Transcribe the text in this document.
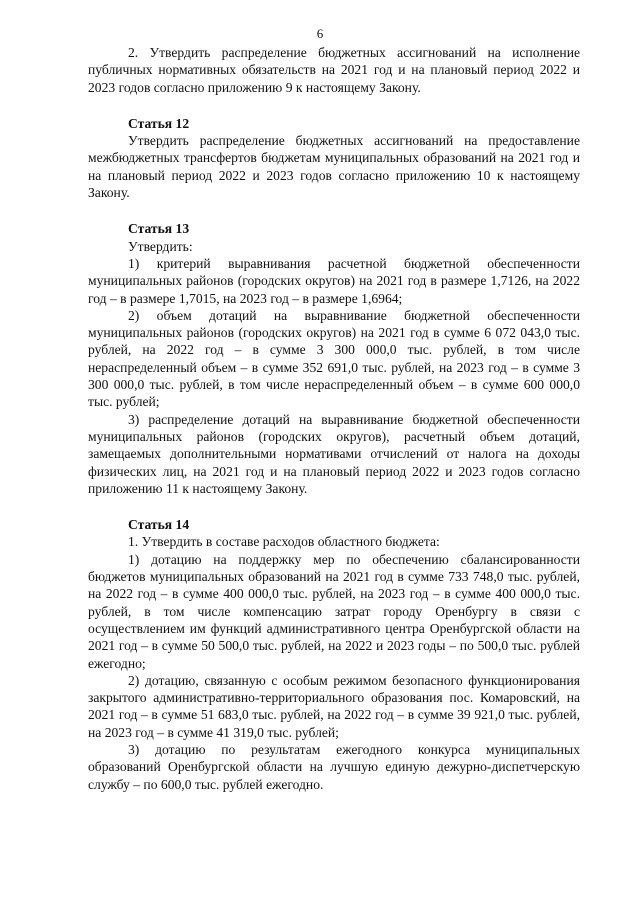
6

2. Утвердить распределение бюджетных ассигнований на исполнение публичных нормативных обязательств на 2021 год и на плановый период 2022 и 2023 годов согласно приложению 9 к настоящему Закону.

Статья 12

Утвердить распределение бюджетных ассигнований на предоставление межбюджетных трансфертов бюджетам муниципальных образований на 2021 год и на плановый период 2022 и 2023 годов согласно приложению 10 к настоящему Закону.

Статья 13

Утвердить:

1) критерий выравнивания расчетной бюджетной обеспеченности муниципальных районов (городских округов) на 2021 год в размере 1,7126, на 2022 год – в размере 1,7015, на 2023 год – в размере 1,6964;

2) объем дотаций на выравнивание бюджетной обеспеченности муниципальных районов (городских округов) на 2021 год в сумме 6 072 043,0 тыс. рублей, на 2022 год – в сумме 3 300 000,0 тыс. рублей, в том числе нераспределенный объем – в сумме 352 691,0 тыс. рублей, на 2023 год – в сумме 3 300 000,0 тыс. рублей, в том числе нераспределенный объем – в сумме 600 000,0 тыс. рублей;

3) распределение дотаций на выравнивание бюджетной обеспеченности муниципальных районов (городских округов), расчетный объем дотаций, замещаемых дополнительными нормативами отчислений от налога на доходы физических лиц, на 2021 год и на плановый период 2022 и 2023 годов согласно приложению 11 к настоящему Закону.

Статья 14

1. Утвердить в составе расходов областного бюджета:

1) дотацию на поддержку мер по обеспечению сбалансированности бюджетов муниципальных образований на 2021 год в сумме 733 748,0 тыс. рублей, на 2022 год – в сумме 400 000,0 тыс. рублей, на 2023 год – в сумме 400 000,0 тыс. рублей, в том числе компенсацию затрат городу Оренбургу в связи с осуществлением им функций административного центра Оренбургской области на 2021 год – в сумме 50 500,0 тыс. рублей, на 2022 и 2023 годы – по 500,0 тыс. рублей ежегодно;

2) дотацию, связанную с особым режимом безопасного функционирования закрытого административно-территориального образования пос. Комаровский, на 2021 год – в сумме 51 683,0 тыс. рублей, на 2022 год – в сумме 39 921,0 тыс. рублей, на 2023 год – в сумме 41 319,0 тыс. рублей;

3) дотацию по результатам ежегодного конкурса муниципальных образований Оренбургской области на лучшую единую дежурно-диспетчерскую службу – по 600,0 тыс. рублей ежегодно.
